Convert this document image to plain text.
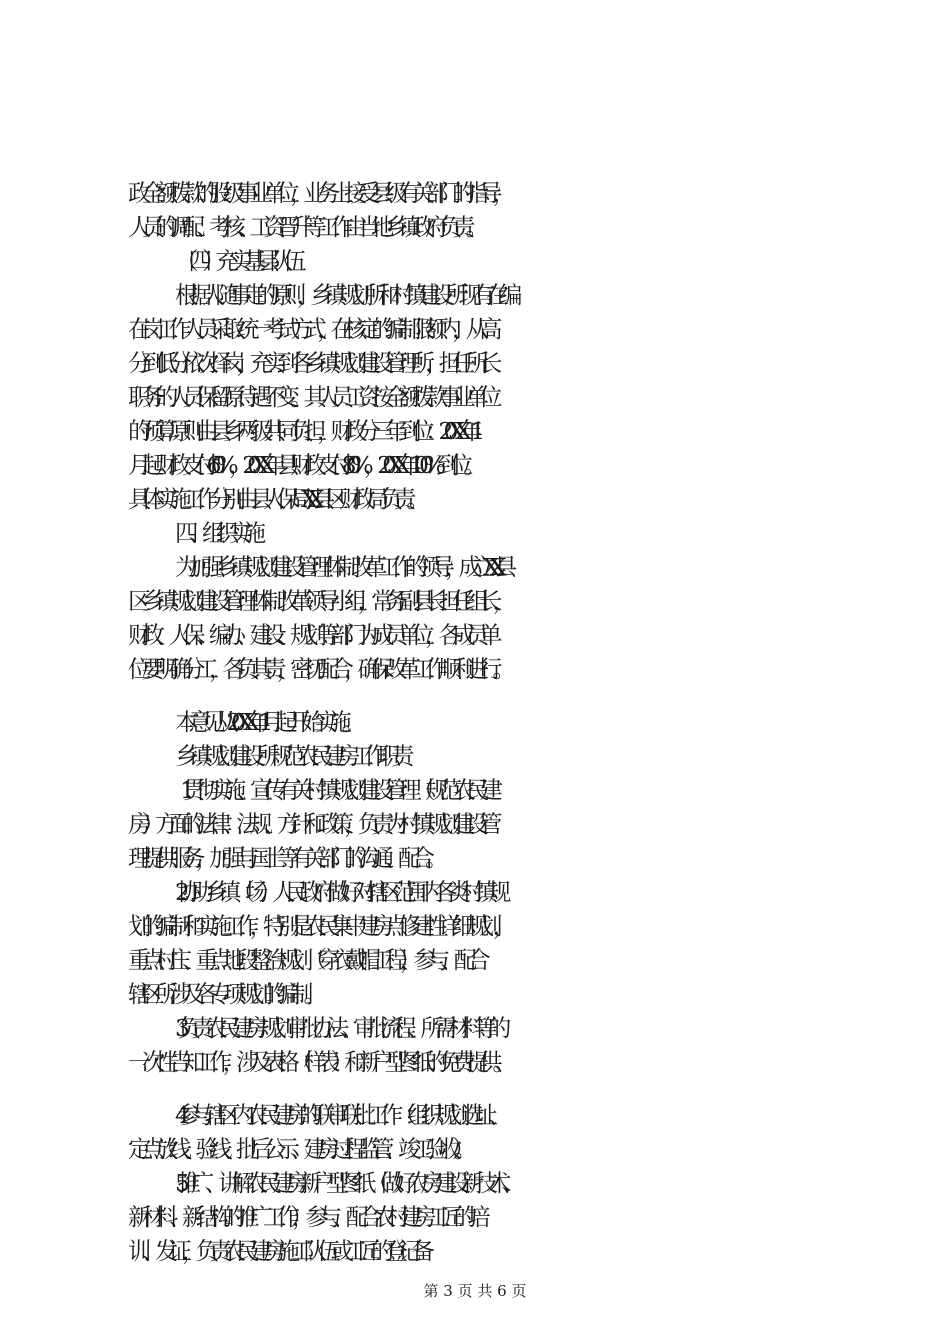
政全额拨款的股级事业单位，业务上接受县级有关部门的指导，
人员的调配、考核、工资晋升等工作由当地乡镇政府负责。
（四）充实基层队伍
根据人随事走的原则，乡镇规划所和村镇建设所现有在编
在岗工作人员采取统一考试方式，在核定的编制限额内，从高
分到低分依次择岗，充实到各乡镇规划建设管理所，担任所长
职务的人员保留原待遇不变。其人员工资按全额拨款事业单位
的预算原则由县乡两级共同负担，财政分三年到位：20XX 年 1
月起财政支付 60%，20XX 年县财政支付 80%，20XX 年 100%到位。
具体实施工作分别由县人保局 XX 县区财政局负责。
四、组织实施
为加强乡镇规划建设管理体制改革工作的领导，成立 XX 县
区乡镇规划建设管理体制改革领导小组，常务副县长担任组长，
财政、人保、编办、建设、规划等部门为成员单位，各成员单
位要明确分工，各负其责，密切配合，确保改革工作顺利进行。
本意见从 20XX 年 1 月起开始实施。
乡镇规划建设所规范农民建房工作职责
1.贯彻实施、宣传有关村镇规划建设管理（规范农民建
房）方面的法律、法规、方针和政策，负责为村镇规划建设管
理提供服务，加强与国土等有关部门的沟通、配合。
2.协助乡镇（场）人民政府做好对辖区范围内各类村镇规
划的编制和实施工作，特别是农民集中建房点修建性详细规划，
重点村庄、重点地段整治规划（穿衣戴帽工程），参与、配合
辖区所涉及各专项规划的编制。
3.负责农民建房规划审批办法、审批流程、所需材料等的
一次性告知工作，涉及表格（样表）和新户型图纸的免费提供。
4.参与辖区内农民建房的联审联批工作（组织规划选址、
定点放线、验线、批后公示、建房过程监管、竣工验收）。
5.推广、讲解农民建房新户型图纸（做好农房建设新技术、
新材料、新结构的推广工作），参与、配合农村建房工匠的培
训、发证，负责农民建房施工队伍或工匠的登记备
第 3 页 共 6 页
